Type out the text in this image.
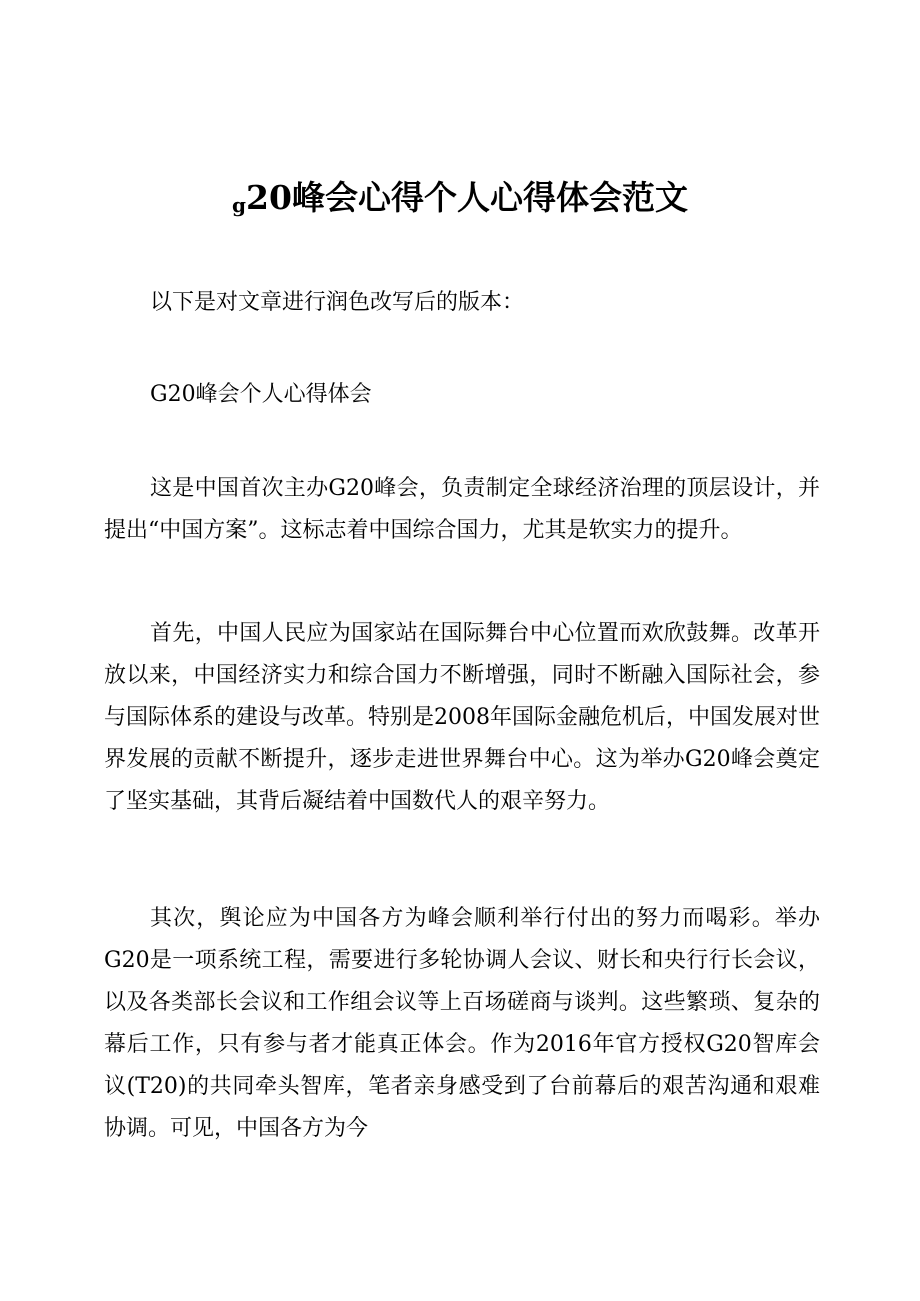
g20峰会心得个人心得体会范文

以下是对文章进行润色改写后的版本：

G20峰会个人心得体会

这是中国首次主办G20峰会，负责制定全球经济治理的顶层设计，并提出“中国方案”。这标志着中国综合国力，尤其是软实力的提升。

首先，中国人民应为国家站在国际舞台中心位置而欢欣鼓舞。改革开放以来，中国经济实力和综合国力不断增强，同时不断融入国际社会，参与国际体系的建设与改革。特别是2008年国际金融危机后，中国发展对世界发展的贡献不断提升，逐步走进世界舞台中心。这为举办G20峰会奠定了坚实基础，其背后凝结着中国数代人的艰辛努力。

其次，舆论应为中国各方为峰会顺利举行付出的努力而喝彩。举办G20是一项系统工程，需要进行多轮协调人会议、财长和央行行长会议，以及各类部长会议和工作组会议等上百场磋商与谈判。这些繁琐、复杂的幕后工作，只有参与者才能真正体会。作为2016年官方授权G20智库会议(T20)的共同牵头智库，笔者亲身感受到了台前幕后的艰苦沟通和艰难协调。可见，中国各方为今
